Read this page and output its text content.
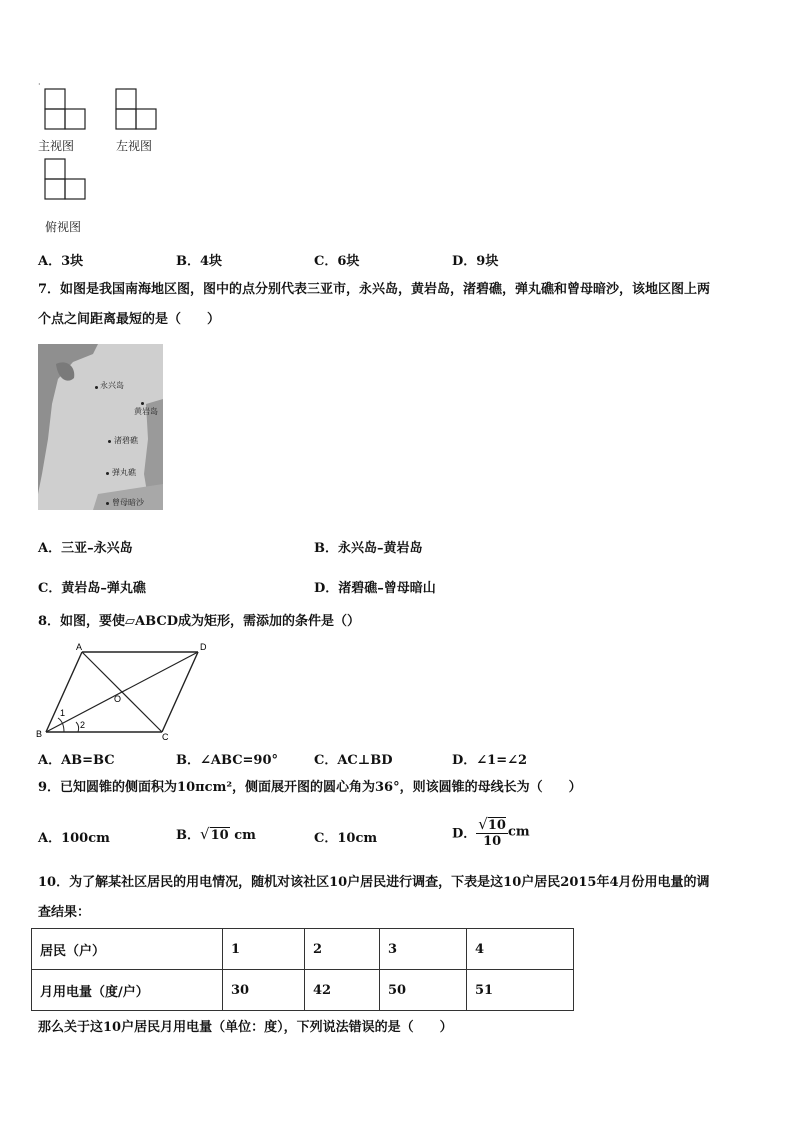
·
主视图	左视图
俯视图
A．3块	B．4块	C．6块	D．9块
7．如图是我国南海地区图，图中的点分别代表三亚市，永兴岛，黄岩岛，渚碧礁，弹丸礁和曾母暗沙，该地区图上两
个点之间距离最短的是（　　）
永兴岛
黄岩岛
渚碧礁
弹丸礁
曾母暗沙
A．三亚–永兴岛	B．永兴岛–黄岩岛
C．黄岩岛–弹丸礁	D．渚碧礁–曾母暗山
8．如图，要使▱ABCD成为矩形，需添加的条件是（）
A	D
B	C
O
1
2
A．AB=BC	B．∠ABC=90°	C．AC⊥BD	D．∠1=∠2
9．已知圆锥的侧面积为10πcm²，侧面展开图的圆心角为36°，则该圆锥的母线长为（　　）
A．100cm	B．√10 cm	C．10cm	D． $\frac{√10}{10}$ cm
10．为了解某社区居民的用电情况，随机对该社区10户居民进行调查，下表是这10户居民2015年4月份用电量的调
查结果：
居民（户）	1	2	3	4
月用电量（度/户）	30	42	50	51
那么关于这10户居民月用电量（单位：度），下列说法错误的是（　　）
